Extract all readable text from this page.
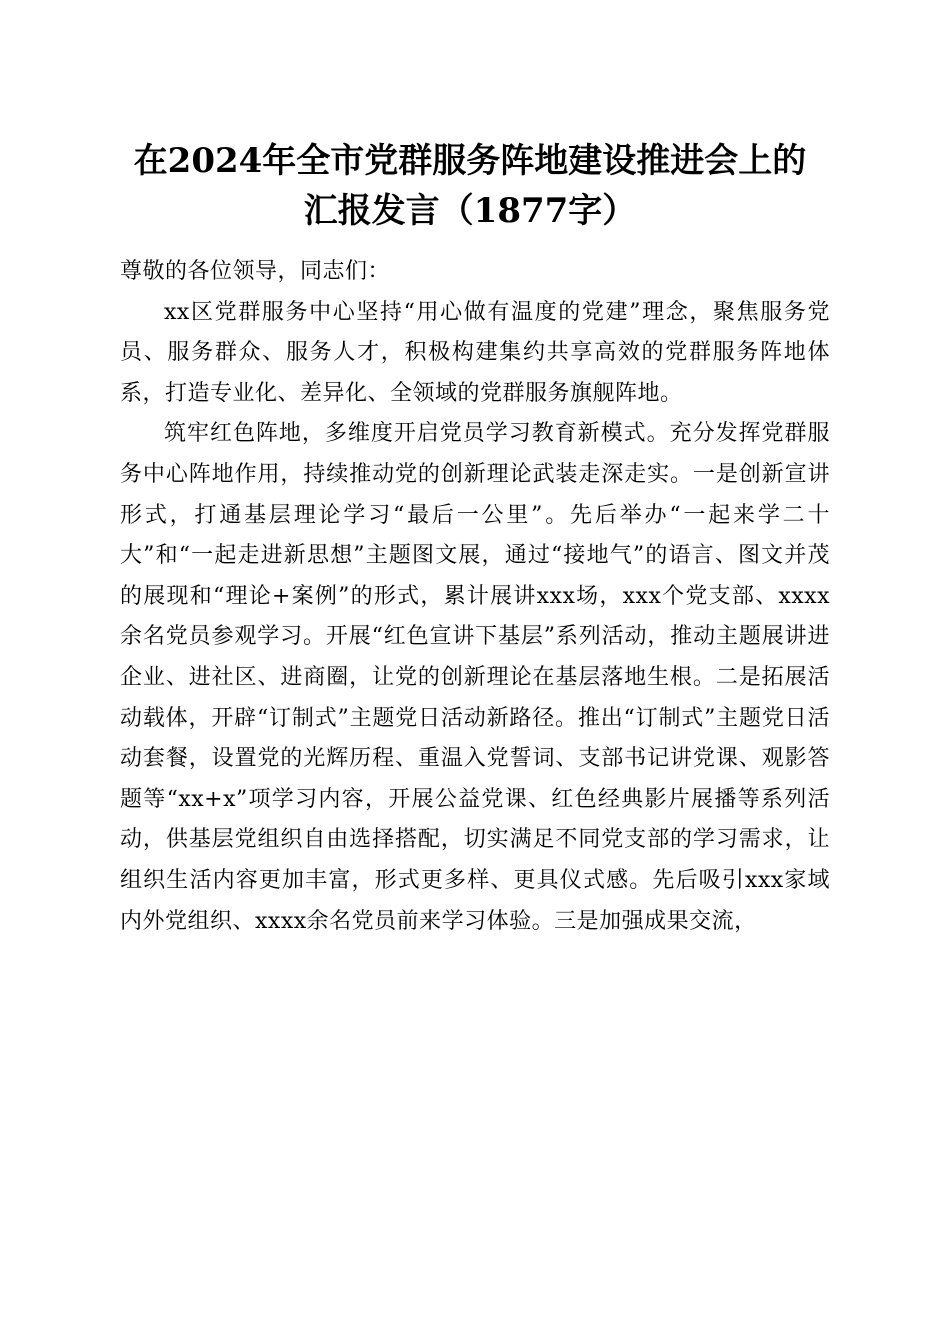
在2024年全市党群服务阵地建设推进会上的
汇报发言（1877字）

尊敬的各位领导，同志们：

xx区党群服务中心坚持“用心做有温度的党建”理念，聚焦服务党员、服务群众、服务人才，积极构建集约共享高效的党群服务阵地体系，打造专业化、差异化、全领域的党群服务旗舰阵地。

筑牢红色阵地，多维度开启党员学习教育新模式。充分发挥党群服务中心阵地作用，持续推动党的创新理论武装走深走实。一是创新宣讲形式，打通基层理论学习“最后一公里”。先后举办“一起来学二十大”和“一起走进新思想”主题图文展，通过“接地气”的语言、图文并茂的展现和“理论+案例”的形式，累计展讲xxx场，xxx个党支部、xxxx余名党员参观学习。开展“红色宣讲下基层”系列活动，推动主题展讲进企业、进社区、进商圈，让党的创新理论在基层落地生根。二是拓展活动载体，开辟“订制式”主题党日活动新路径。推出“订制式”主题党日活动套餐，设置党的光辉历程、重温入党誓词、支部书记讲党课、观影答题等“xx+x”项学习内容，开展公益党课、红色经典影片展播等系列活动，供基层党组织自由选择搭配，切实满足不同党支部的学习需求，让组织生活内容更加丰富，形式更多样、更具仪式感。先后吸引xxx家域内外党组织、xxxx余名党员前来学习体验。三是加强成果交流，
